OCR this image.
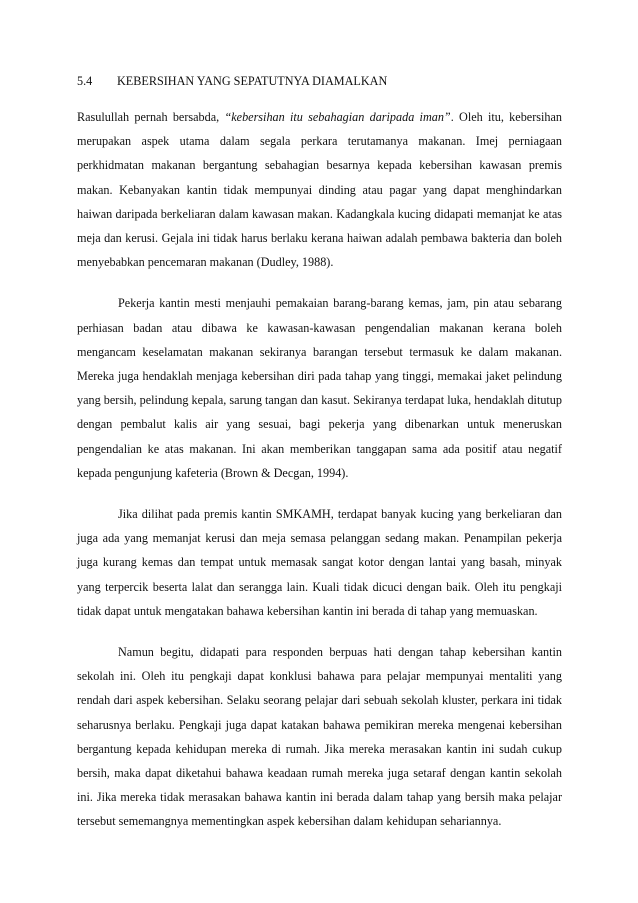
5.4 KEBERSIHAN YANG SEPATUTNYA DIAMALKAN

Rasulullah pernah bersabda, “kebersihan itu sebahagian daripada iman”. Oleh itu, kebersihan merupakan aspek utama dalam segala perkara terutamanya makanan. Imej perniagaan perkhidmatan makanan bergantung sebahagian besarnya kepada kebersihan kawasan premis makan. Kebanyakan kantin tidak mempunyai dinding atau pagar yang dapat menghindarkan haiwan daripada berkeliaran dalam kawasan makan. Kadangkala kucing didapati memanjat ke atas meja dan kerusi. Gejala ini tidak harus berlaku kerana haiwan adalah pembawa bakteria dan boleh menyebabkan pencemaran makanan (Dudley, 1988).

Pekerja kantin mesti menjauhi pemakaian barang-barang kemas, jam, pin atau sebarang perhiasan badan atau dibawa ke kawasan-kawasan pengendalian makanan kerana boleh mengancam keselamatan makanan sekiranya barangan tersebut termasuk ke dalam makanan. Mereka juga hendaklah menjaga kebersihan diri pada tahap yang tinggi, memakai jaket pelindung yang bersih, pelindung kepala, sarung tangan dan kasut. Sekiranya terdapat luka, hendaklah ditutup dengan pembalut kalis air yang sesuai, bagi pekerja yang dibenarkan untuk meneruskan pengendalian ke atas makanan. Ini akan memberikan tanggapan sama ada positif atau negatif kepada pengunjung kafeteria (Brown & Decgan, 1994).

Jika dilihat pada premis kantin SMKAMH, terdapat banyak kucing yang berkeliaran dan juga ada yang memanjat kerusi dan meja semasa pelanggan sedang makan. Penampilan pekerja juga kurang kemas dan tempat untuk memasak sangat kotor dengan lantai yang basah, minyak yang terpercik beserta lalat dan serangga lain. Kuali tidak dicuci dengan baik. Oleh itu pengkaji tidak dapat untuk mengatakan bahawa kebersihan kantin ini berada di tahap yang memuaskan.

Namun begitu, didapati para responden berpuas hati dengan tahap kebersihan kantin sekolah ini. Oleh itu pengkaji dapat konklusi bahawa para pelajar mempunyai mentaliti yang rendah dari aspek kebersihan. Selaku seorang pelajar dari sebuah sekolah kluster, perkara ini tidak seharusnya berlaku. Pengkaji juga dapat katakan bahawa pemikiran mereka mengenai kebersihan bergantung kepada kehidupan mereka di rumah. Jika mereka merasakan kantin ini sudah cukup bersih, maka dapat diketahui bahawa keadaan rumah mereka juga setaraf dengan kantin sekolah ini. Jika mereka tidak merasakan bahawa kantin ini berada dalam tahap yang bersih maka pelajar tersebut sememangnya mementingkan aspek kebersihan dalam kehidupan sehariannya.
